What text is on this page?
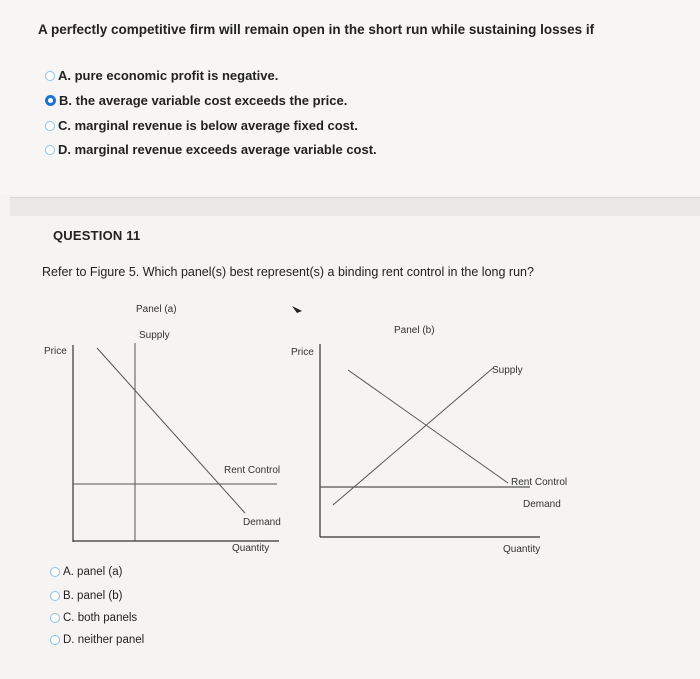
A perfectly competitive firm will remain open in the short run while sustaining losses if
A. pure economic profit is negative.
B. the average variable cost exceeds the price.
C. marginal revenue is below average fixed cost.
D. marginal revenue exceeds average variable cost.
QUESTION 11
Refer to Figure 5. Which panel(s) best represent(s) a binding rent control in the long run?
Panel (a)
Supply
Price
Rent Control
Demand
Quantity
Panel (b)
Price
Supply
Rent Control
Demand
Quantity
A. panel (a)
B. panel (b)
C. both panels
D. neither panel
